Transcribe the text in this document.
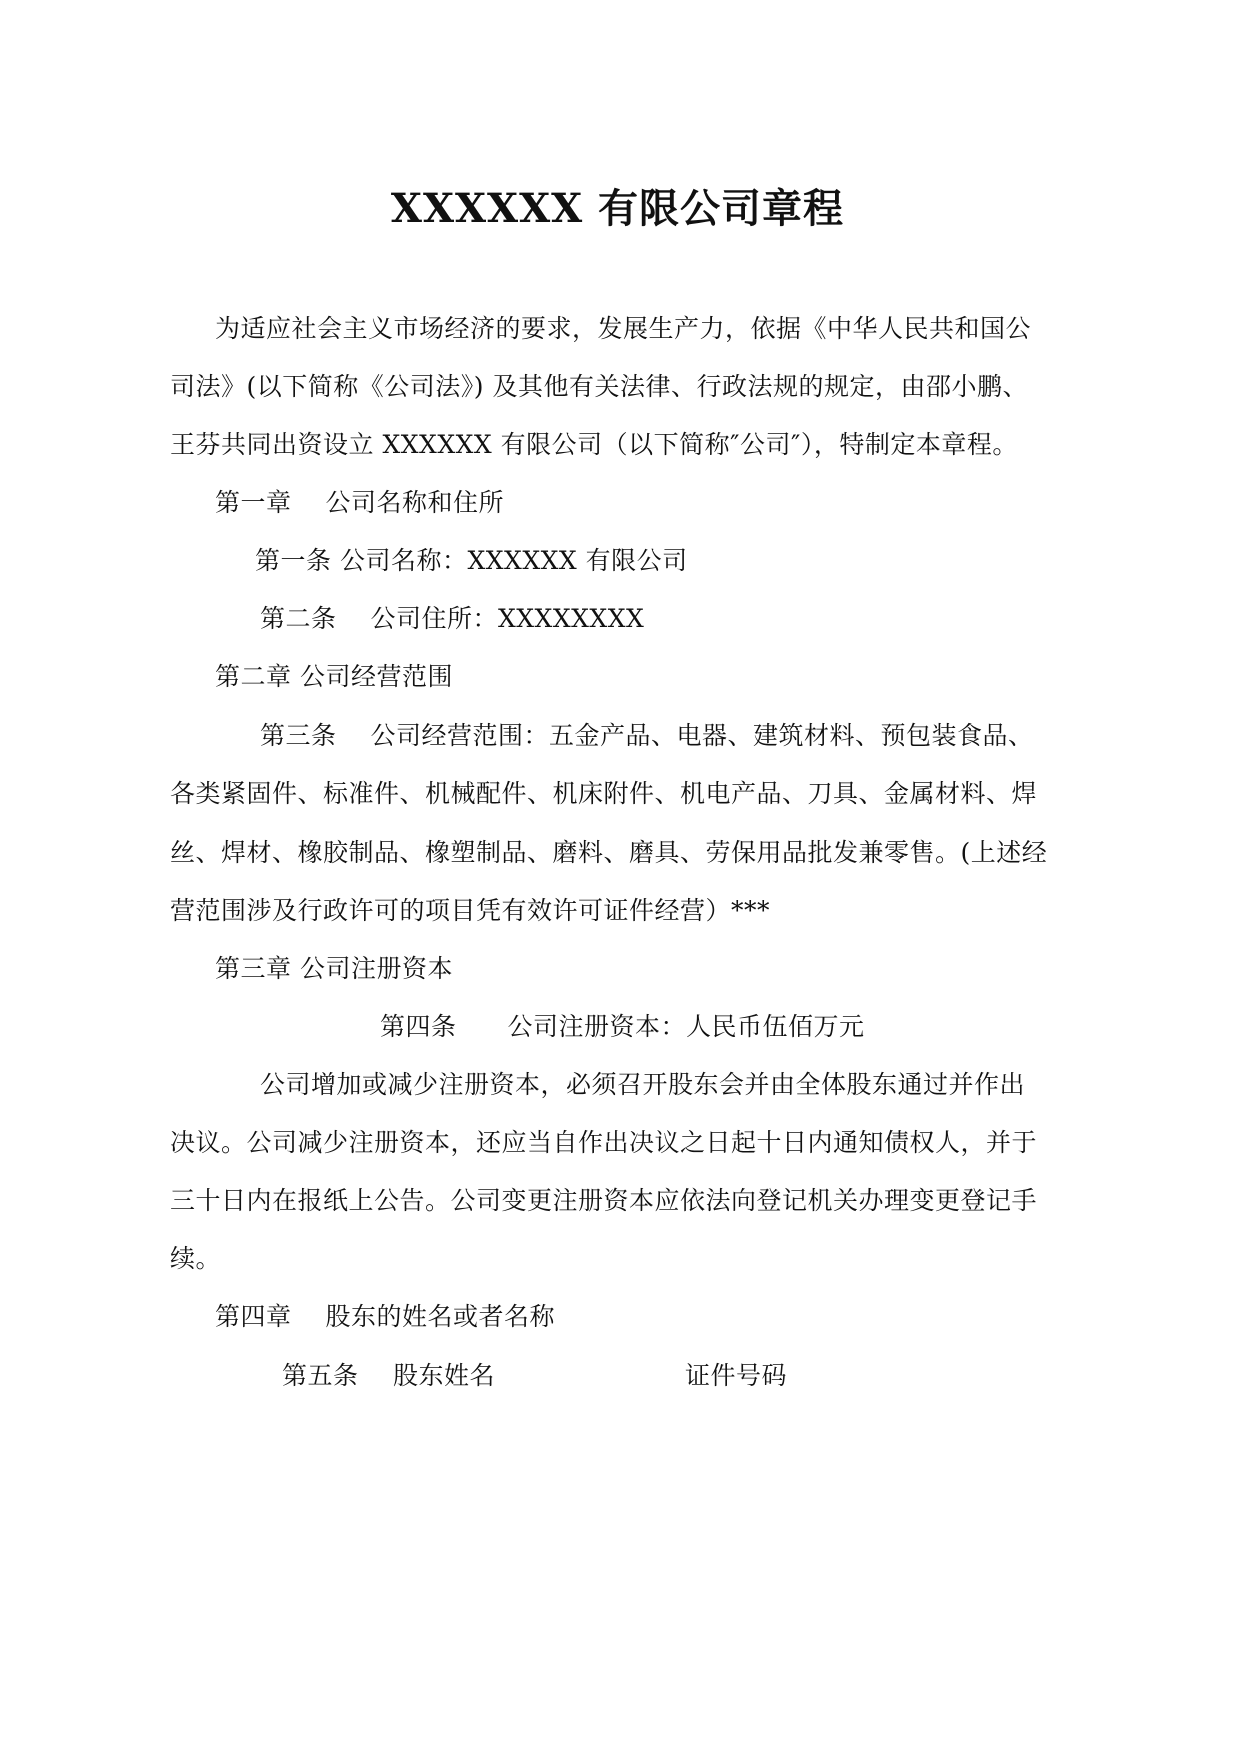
XXXXXX 有限公司章程
为适应社会主义市场经济的要求，发展生产力，依据《中华人民共和国公
司法》(以下简称《公司法》) 及其他有关法律、行政法规的规定，由邵小鹏、
王芬共同出资设立 XXXXXX 有限公司（以下简称″公司″），特制定本章程。
第一章　 公司名称和住所
第一条 公司名称：XXXXXX 有限公司
第二条　 公司住所：XXXXXXXX
第二章 公司经营范围
第三条　 公司经营范围：五金产品、电器、建筑材料、预包装食品、
各类紧固件、标准件、机械配件、机床附件、机电产品、刀具、金属材料、焊
丝、焊材、橡胶制品、橡塑制品、磨料、磨具、劳保用品批发兼零售。(上述经
营范围涉及行政许可的项目凭有效许可证件经营）***
第三章 公司注册资本
第四条　　公司注册资本：人民币伍佰万元
公司增加或减少注册资本，必须召开股东会并由全体股东通过并作出
决议。公司减少注册资本，还应当自作出决议之日起十日内通知债权人，并于
三十日内在报纸上公告。公司变更注册资本应依法向登记机关办理变更登记手
续。
第四章　 股东的姓名或者名称
第五条 股东姓名	证件号码
